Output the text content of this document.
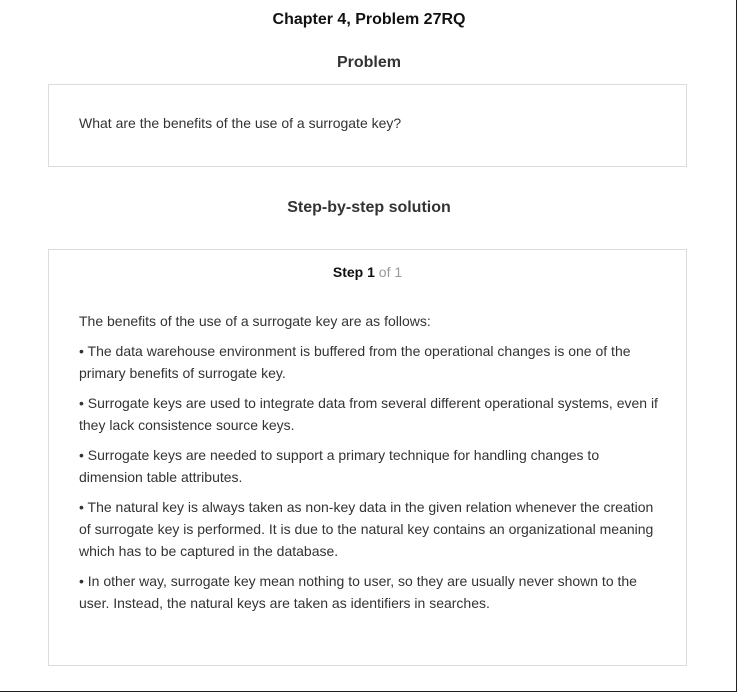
Chapter 4, Problem 27RQ
Problem
What are the benefits of the use of a surrogate key?
Step-by-step solution
Step 1 of 1

The benefits of the use of a surrogate key are as follows:

• The data warehouse environment is buffered from the operational changes is one of the primary benefits of surrogate key.

• Surrogate keys are used to integrate data from several different operational systems, even if they lack consistence source keys.

• Surrogate keys are needed to support a primary technique for handling changes to dimension table attributes.

• The natural key is always taken as non-key data in the given relation whenever the creation of surrogate key is performed. It is due to the natural key contains an organizational meaning which has to be captured in the database.

• In other way, surrogate key mean nothing to user, so they are usually never shown to the user. Instead, the natural keys are taken as identifiers in searches.
